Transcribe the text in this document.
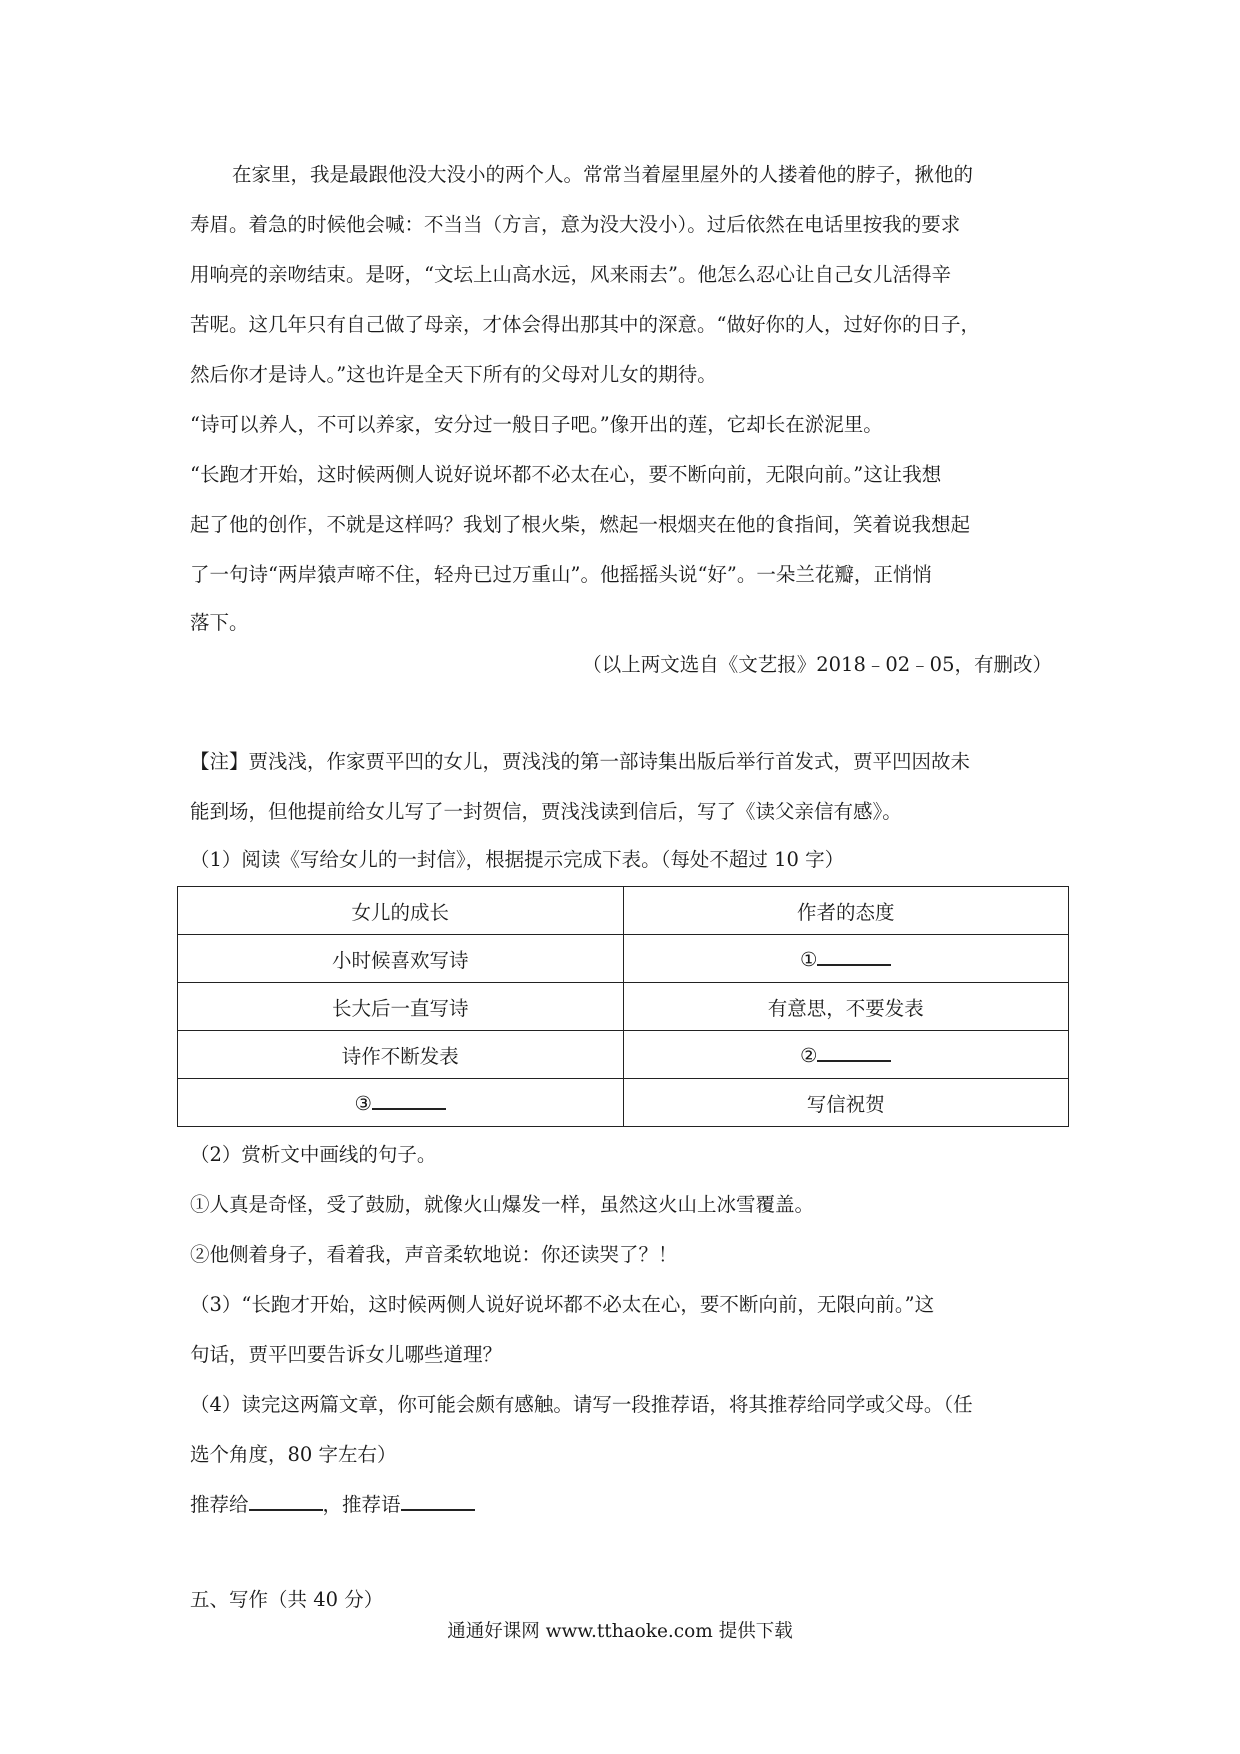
在家里，我是最跟他没大没小的两个人。常常当着屋里屋外的人搂着他的脖子，揪他的
寿眉。着急的时候他会喊：不当当（方言，意为没大没小）。过后依然在电话里按我的要求
用响亮的亲吻结束。是呀，“文坛上山高水远，风来雨去”。他怎么忍心让自己女儿活得辛
苦呢。这几年只有自己做了母亲，才体会得出那其中的深意。“做好你的人，过好你的日子，
然后你才是诗人。”这也许是全天下所有的父母对儿女的期待。
“诗可以养人，不可以养家，安分过一般日子吧。”像开出的莲，它却长在淤泥里。
“长跑才开始，这时候两侧人说好说坏都不必太在心，要不断向前，无限向前。”这让我想
起了他的创作，不就是这样吗？我划了根火柴，燃起一根烟夹在他的食指间，笑着说我想起
了一句诗“两岸猿声啼不住，轻舟已过万重山”。他摇摇头说“好”。一朵兰花瓣，正悄悄
落下。
（以上两文选自《文艺报》2018﹣02﹣05，有删改）
【注】贾浅浅，作家贾平凹的女儿，贾浅浅的第一部诗集出版后举行首发式，贾平凹因故未
能到场，但他提前给女儿写了一封贺信，贾浅浅读到信后，写了《读父亲信有感》。
（1）阅读《写给女儿的一封信》，根据提示完成下表。（每处不超过 10 字）
女儿的成长	作者的态度
小时候喜欢写诗	①
长大后一直写诗	有意思，不要发表
诗作不断发表	②
③	写信祝贺
（2）赏析文中画线的句子。
①人真是奇怪，受了鼓励，就像火山爆发一样，虽然这火山上冰雪覆盖。
②他侧着身子，看着我，声音柔软地说：你还读哭了？！
（3）“长跑才开始，这时候两侧人说好说坏都不必太在心，要不断向前，无限向前。”这
句话，贾平凹要告诉女儿哪些道理？
（4）读完这两篇文章，你可能会颇有感触。请写一段推荐语，将其推荐给同学或父母。（任
选个角度，80 字左右）
推荐给	，推荐语
五、写作（共 40 分）
通通好课网 www.tthaoke.com 提供下载
